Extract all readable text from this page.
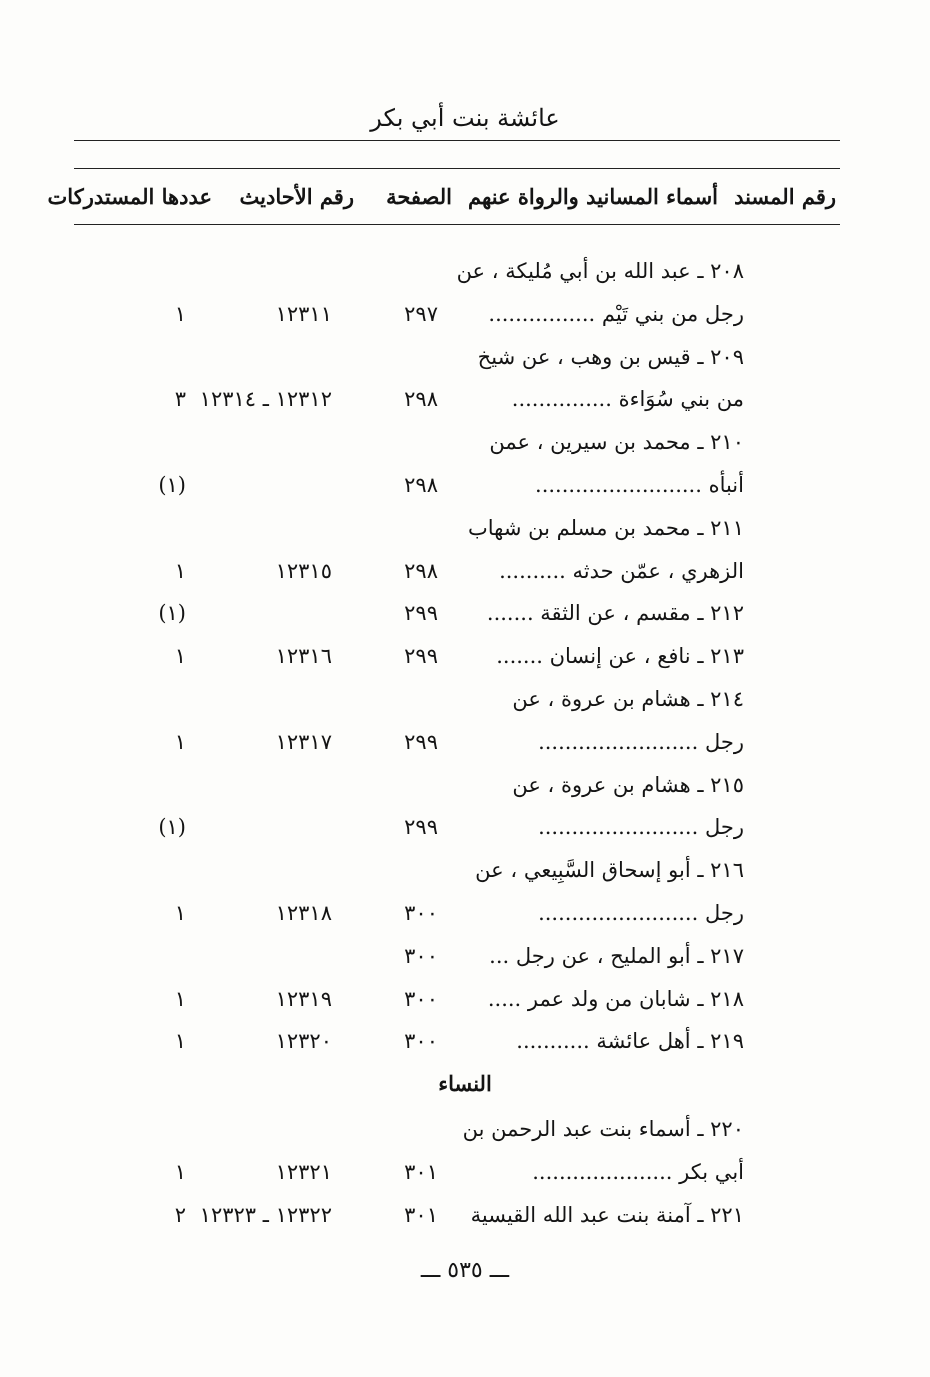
عائشة بنت أبي بكر
رقم المسند
أسماء المسانيد والرواة عنهم
الصفحة
رقم الأحاديث
عددها المستدركات
٢٠٨ ـ عبد الله بن أبي مُليكة ، عن
رجل من بني تَيْم ................
٢٩٧
١٢٣١١
١
٢٠٩ ـ قيس بن وهب ، عن شيخ
من بني سُوَاءة ...............
٢٩٨
١٢٣١٢ ـ ١٢٣١٤
٣
٢١٠ ـ محمد بن سيرين ، عمن
أنبأه .........................
٢٩٨
(١)
٢١١ ـ محمد بن مسلم بن شهاب
الزهري ، عمّن حدثه ..........
٢٩٨
١٢٣١٥
١
٢١٢ ـ مقسم ، عن الثقة .......
٢٩٩
(١)
٢١٣ ـ نافع ، عن إنسان .......
٢٩٩
١٢٣١٦
١
٢١٤ ـ هشام بن عروة ، عن
رجل ........................
٢٩٩
١٢٣١٧
١
٢١٥ ـ هشام بن عروة ، عن
رجل ........................
٢٩٩
(١)
٢١٦ ـ أبو إسحاق السَّبِيعي ، عن
رجل ........................
٣٠٠
١٢٣١٨
١
٢١٧ ـ أبو المليح ، عن رجل ...
٣٠٠
٢١٨ ـ شابان من ولد عمر .....
٣٠٠
١٢٣١٩
١
٢١٩ ـ أهل عائشة ...........
٣٠٠
١٢٣٢٠
١
النساء
٢٢٠ ـ أسماء بنت عبد الرحمن بن
أبي بكر .....................
٣٠١
١٢٣٢١
١
٢٢١ ـ آمنة بنت عبد الله القيسية
٣٠١
١٢٣٢٢ ـ ١٢٣٢٣
٢
ـــ ٥٣٥ ـــ
